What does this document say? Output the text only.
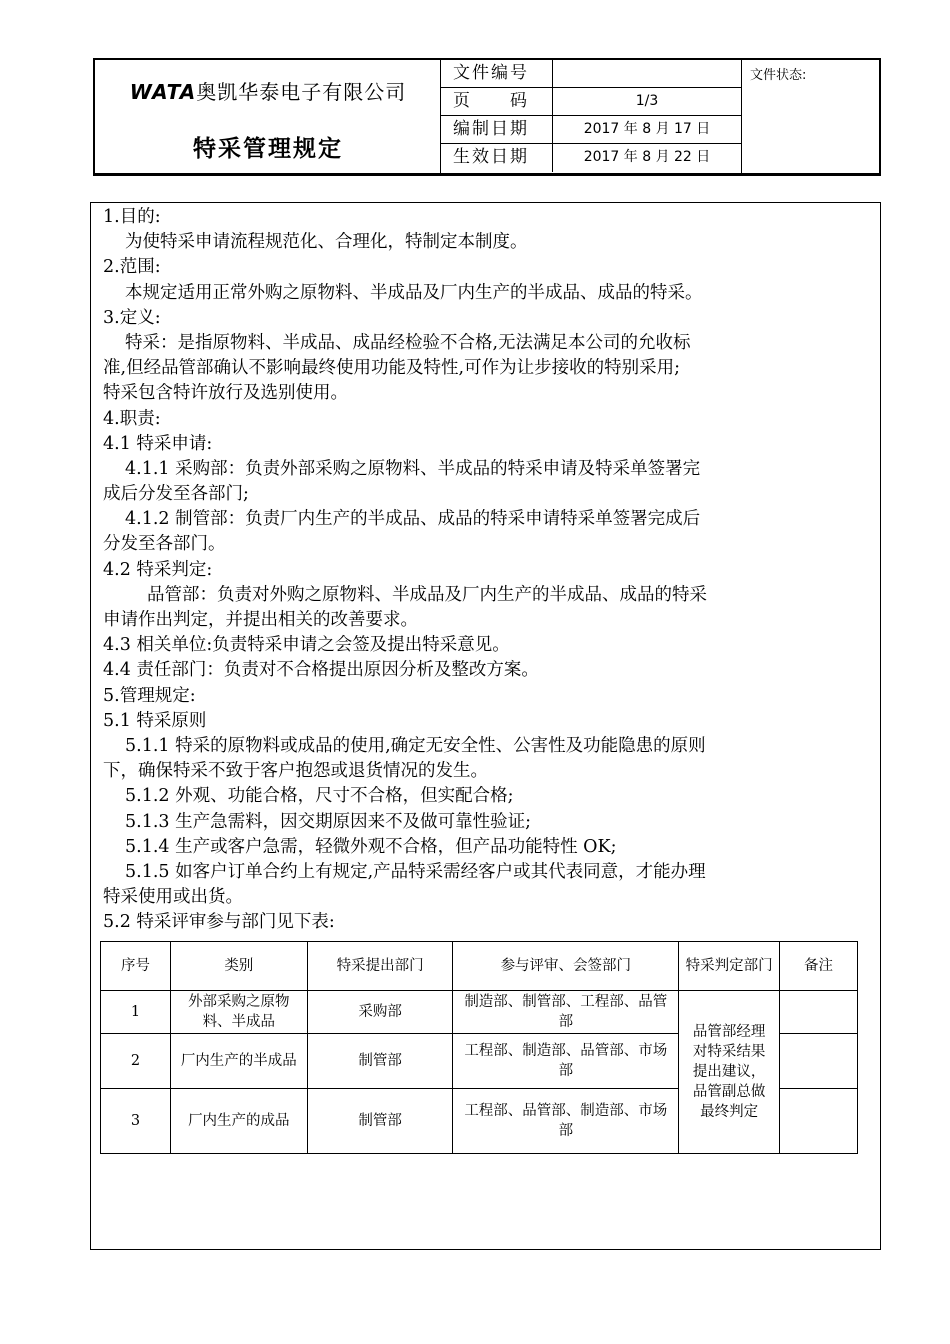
WATA奥凯华泰电子有限公司
特采管理规定
文件编号
页　　码	1/3
编制日期	2017 年 8 月 17 日
生效日期	2017 年 8 月 22 日
文件状态:
1.目的:
为使特采申请流程规范化、合理化，特制定本制度。
2.范围:
本规定适用正常外购之原物料、半成品及厂内生产的半成品、成品的特采。
3.定义:
特采：是指原物料、半成品、成品经检验不合格,无法满足本公司的允收标
准,但经品管部确认不影响最终使用功能及特性,可作为让步接收的特别采用;
特采包含特许放行及选别使用。
4.职责:
4.1 特采申请:
4.1.1 采购部：负责外部采购之原物料、半成品的特采申请及特采单签署完
成后分发至各部门;
4.1.2 制管部：负责厂内生产的半成品、成品的特采申请特采单签署完成后
分发至各部门。
4.2 特采判定:
品管部：负责对外购之原物料、半成品及厂内生产的半成品、成品的特采
申请作出判定，并提出相关的改善要求。
4.3 相关单位:负责特采申请之会签及提出特采意见。
4.4 责任部门：负责对不合格提出原因分析及整改方案。
5.管理规定:
5.1 特采原则
5.1.1 特采的原物料或成品的使用,确定无安全性、公害性及功能隐患的原则
下，确保特采不致于客户抱怨或退货情况的发生。
5.1.2 外观、功能合格，尺寸不合格，但实配合格;
5.1.3 生产急需料，因交期原因来不及做可靠性验证;
5.1.4 生产或客户急需，轻微外观不合格，但产品功能特性 OK;
5.1.5 如客户订单合约上有规定,产品特采需经客户或其代表同意，才能办理
特采使用或出货。
5.2 特采评审参与部门见下表:
序号	类别	特采提出部门	参与评审、会签部门	特采判定部门	备注
1	外部采购之原物料、半成品	采购部	制造部、制管部、工程部、品管部	品管部经理对特采结果提出建议，品管副总做最终判定	
2	厂内生产的半成品	制管部	工程部、制造部、品管部、市场部		
3	厂内生产的成品	制管部	工程部、品管部、制造部、市场部		
